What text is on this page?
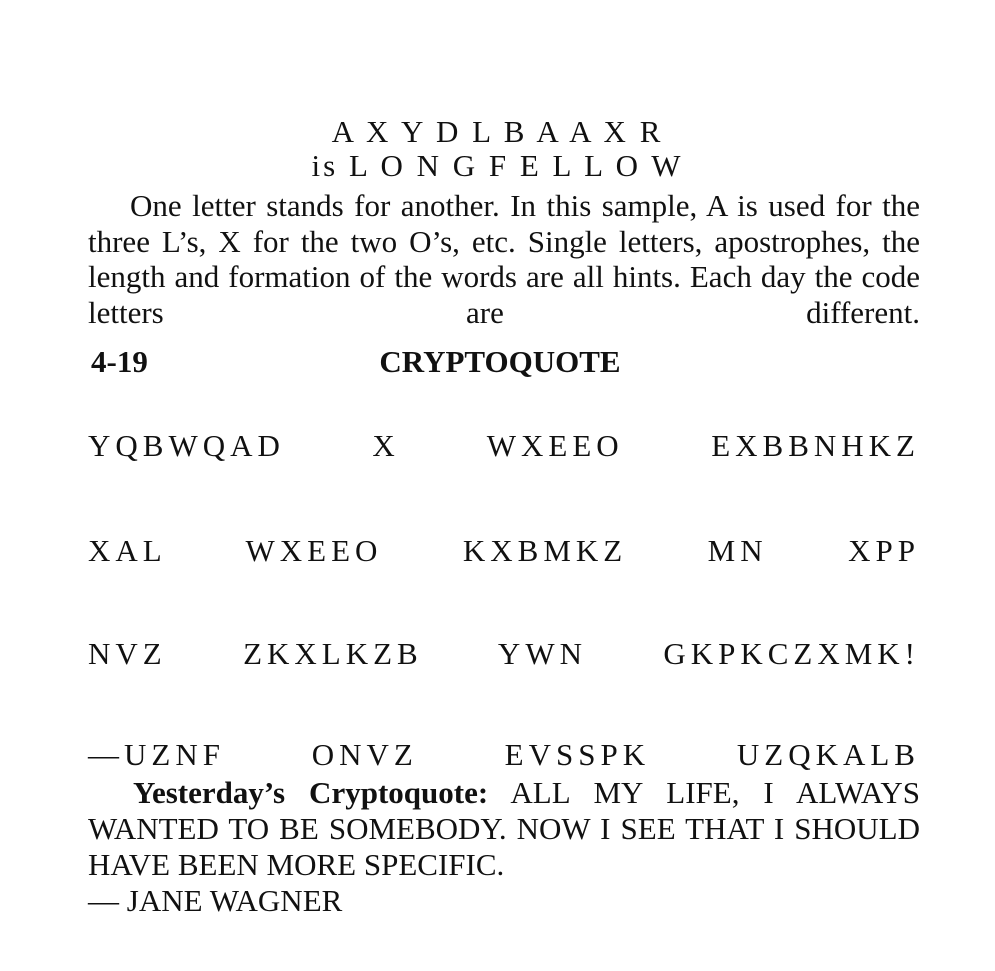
A X Y D L B A A X R
is L O N G F E L L O W

One letter stands for another. In this sample, A is used for the three L’s, X for the two O’s, etc. Single letters, apostrophes, the length and formation of the words are all hints. Each day the code letters are different.

CRYPTOQUOTE
4-19
YQBWQAD X WXEEO EXBBNHKZ
XAL WXEEO KXBMKZ MN XPP
NVZ ZKXLKZB YWN GKPKCZXMK!
—UZNF ONVZ EVSSPK UZQKALB

Yesterday’s Cryptoquote: ALL MY LIFE, I ALWAYS WANTED TO BE SOMEBODY. NOW I SEE THAT I SHOULD HAVE BEEN MORE SPECIFIC.
— JANE WAGNER
